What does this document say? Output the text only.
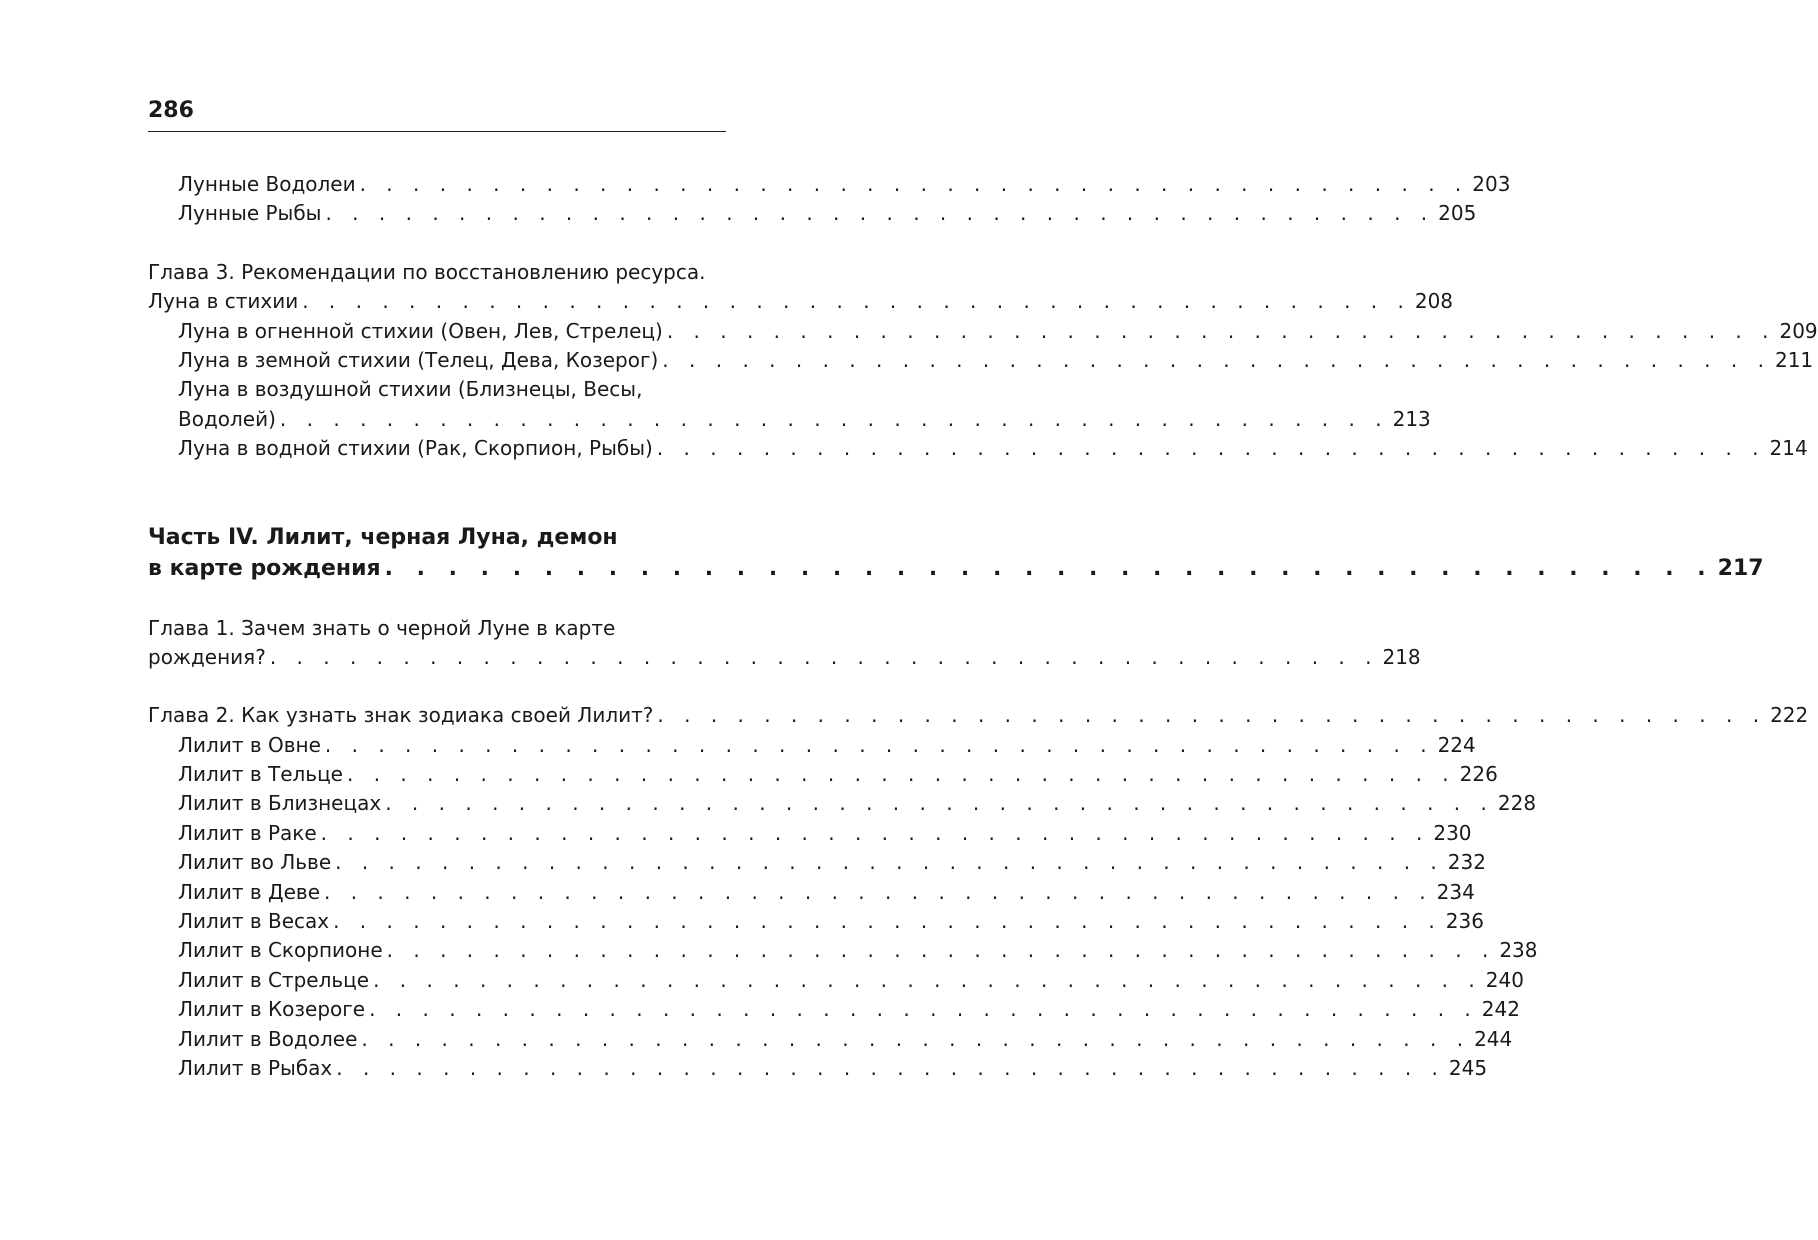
286
Лунные Водолеи . . . . . . . . . . . . . . . . . . . . . . . . . . . . . . . . . . . . . . . . . . 203
Лунные Рыбы . . . . . . . . . . . . . . . . . . . . . . . . . . . . . . . . . . . . . . . . . . 205
Глава 3. Рекомендации по восстановлению ресурса.
Луна в стихии . . . . . . . . . . . . . . . . . . . . . . . . . . . . . . . . . . . . . . . . . . 208
Луна в огненной стихии (Овен, Лев, Стрелец) . . . . . . . . . . . . . . . . . . . . . . . . . . . . . . . . . . . . . . . . . . 209
Луна в земной стихии (Телец, Дева, Козерог) . . . . . . . . . . . . . . . . . . . . . . . . . . . . . . . . . . . . . . . . . . 211
Луна в воздушной стихии (Близнецы, Весы,
Водолей) . . . . . . . . . . . . . . . . . . . . . . . . . . . . . . . . . . . . . . . . . . 213
Луна в водной стихии (Рак, Скорпион, Рыбы) . . . . . . . . . . . . . . . . . . . . . . . . . . . . . . . . . . . . . . . . . . 214
Часть IV. Лилит, черная Луна, демон
в карте рождения . . . . . . . . . . . . . . . . . . . . . . . . . . . . . . . . . . . . . . . . . . 217
Глава 1. Зачем знать о черной Луне в карте
рождения? . . . . . . . . . . . . . . . . . . . . . . . . . . . . . . . . . . . . . . . . . . 218
Глава 2. Как узнать знак зодиака своей Лилит? . . . . . . . . . . . . . . . . . . . . . . . . . . . . . . . . . . . . . . . . . . 222
Лилит в Овне . . . . . . . . . . . . . . . . . . . . . . . . . . . . . . . . . . . . . . . . . . 224
Лилит в Тельце . . . . . . . . . . . . . . . . . . . . . . . . . . . . . . . . . . . . . . . . . . 226
Лилит в Близнецах . . . . . . . . . . . . . . . . . . . . . . . . . . . . . . . . . . . . . . . . . . 228
Лилит в Раке . . . . . . . . . . . . . . . . . . . . . . . . . . . . . . . . . . . . . . . . . . 230
Лилит во Льве . . . . . . . . . . . . . . . . . . . . . . . . . . . . . . . . . . . . . . . . . . 232
Лилит в Деве . . . . . . . . . . . . . . . . . . . . . . . . . . . . . . . . . . . . . . . . . . 234
Лилит в Весах . . . . . . . . . . . . . . . . . . . . . . . . . . . . . . . . . . . . . . . . . . 236
Лилит в Скорпионе . . . . . . . . . . . . . . . . . . . . . . . . . . . . . . . . . . . . . . . . . . 238
Лилит в Стрельце . . . . . . . . . . . . . . . . . . . . . . . . . . . . . . . . . . . . . . . . . . 240
Лилит в Козероге . . . . . . . . . . . . . . . . . . . . . . . . . . . . . . . . . . . . . . . . . . 242
Лилит в Водолее . . . . . . . . . . . . . . . . . . . . . . . . . . . . . . . . . . . . . . . . . . 244
Лилит в Рыбах . . . . . . . . . . . . . . . . . . . . . . . . . . . . . . . . . . . . . . . . . . 245
